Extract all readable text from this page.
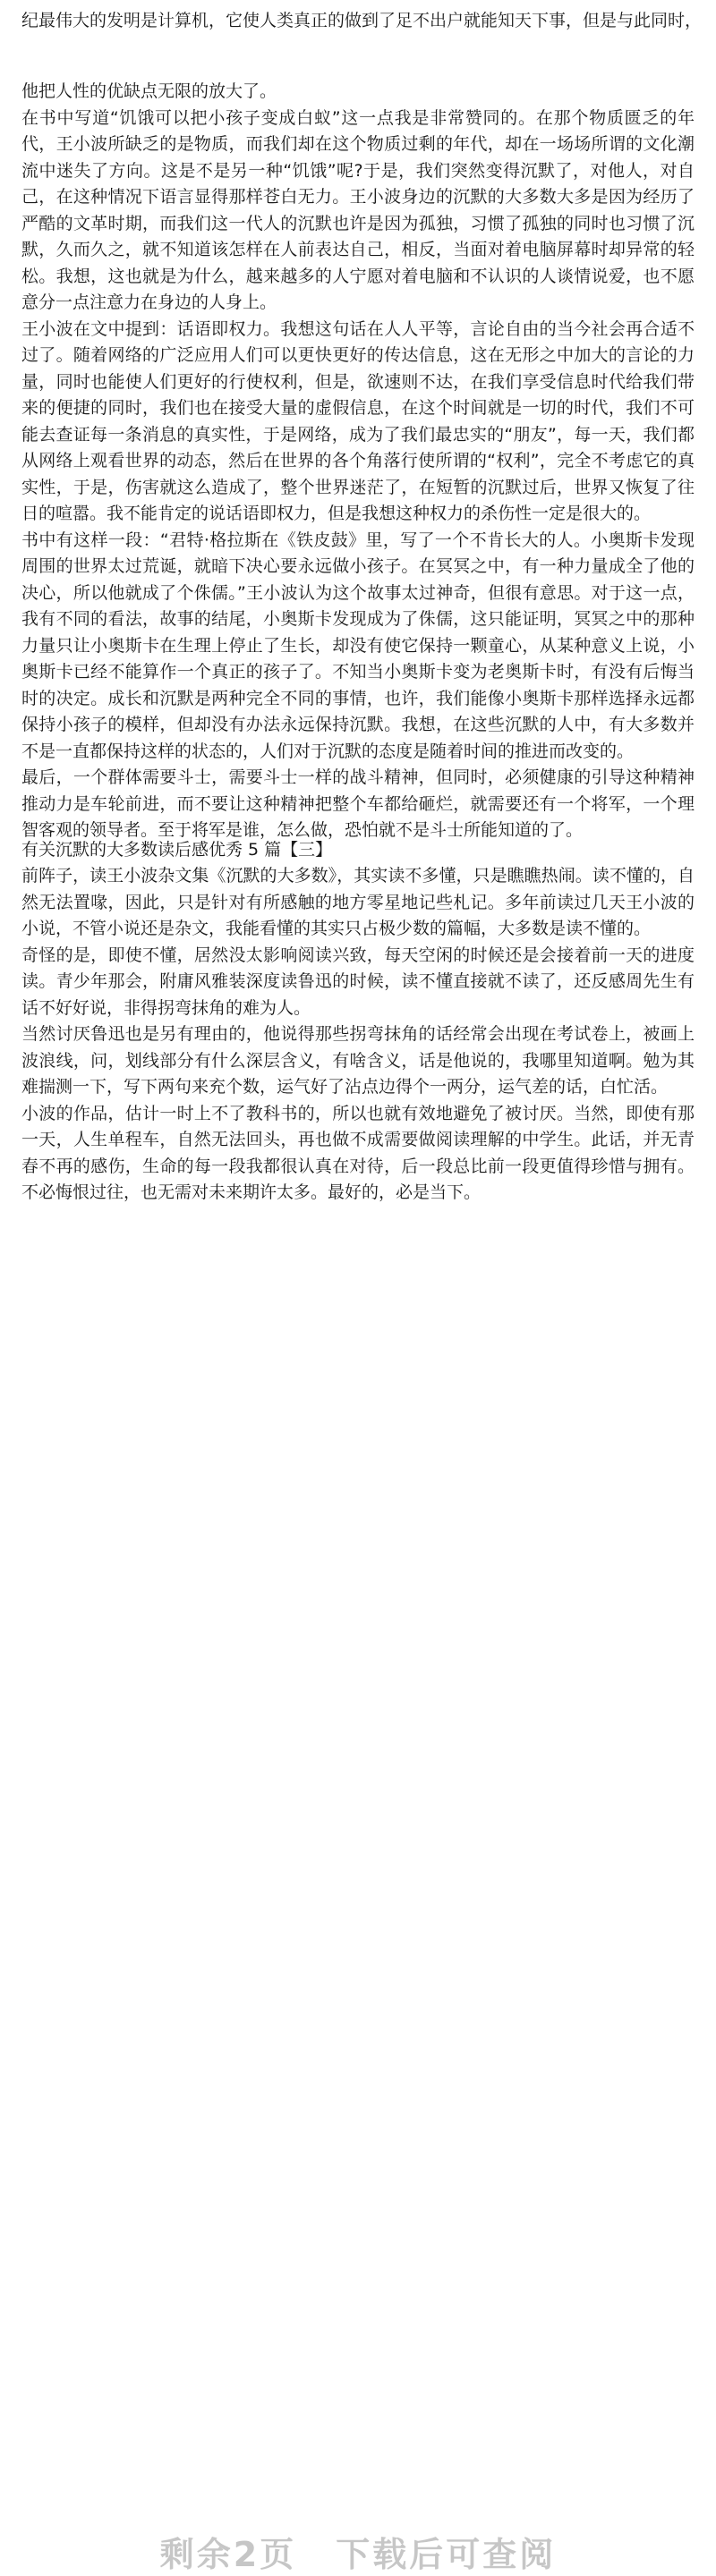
纪最伟大的发明是计算机，它使人类真正的做到了足不出户就能知天下事，但是与此同时，

他把人性的优缺点无限的放大了。

在书中写道“饥饿可以把小孩子变成白蚁”这一点我是非常赞同的。在那个物质匮乏的年代，王小波所缺乏的是物质，而我们却在这个物质过剩的年代，却在一场场所谓的文化潮流中迷失了方向。这是不是另一种“饥饿”呢?于是，我们突然变得沉默了，对他人，对自己，在这种情况下语言显得那样苍白无力。王小波身边的沉默的大多数大多是因为经历了严酷的文革时期，而我们这一代人的沉默也许是因为孤独，习惯了孤独的同时也习惯了沉默，久而久之，就不知道该怎样在人前表达自己，相反，当面对着电脑屏幕时却异常的轻松。我想，这也就是为什么，越来越多的人宁愿对着电脑和不认识的人谈情说爱，也不愿意分一点注意力在身边的人身上。

王小波在文中提到：话语即权力。我想这句话在人人平等，言论自由的当今社会再合适不过了。随着网络的广泛应用人们可以更快更好的传达信息，这在无形之中加大的言论的力量，同时也能使人们更好的行使权利，但是，欲速则不达，在我们享受信息时代给我们带来的便捷的同时，我们也在接受大量的虚假信息，在这个时间就是一切的时代，我们不可能去查证每一条消息的真实性，于是网络，成为了我们最忠实的“朋友”，每一天，我们都从网络上观看世界的动态，然后在世界的各个角落行使所谓的“权利”，完全不考虑它的真实性，于是，伤害就这么造成了，整个世界迷茫了，在短暂的沉默过后，世界又恢复了往日的喧嚣。我不能肯定的说话语即权力，但是我想这种权力的杀伤性一定是很大的。

书中有这样一段：“君特·格拉斯在《铁皮鼓》里，写了一个不肯长大的人。小奥斯卡发现周围的世界太过荒诞，就暗下决心要永远做小孩子。在冥冥之中，有一种力量成全了他的决心，所以他就成了个侏儒。”王小波认为这个故事太过神奇，但很有意思。对于这一点，我有不同的看法，故事的结尾，小奥斯卡发现成为了侏儒，这只能证明，冥冥之中的那种力量只让小奥斯卡在生理上停止了生长，却没有使它保持一颗童心，从某种意义上说，小奥斯卡已经不能算作一个真正的孩子了。不知当小奥斯卡变为老奥斯卡时，有没有后悔当时的决定。成长和沉默是两种完全不同的事情，也许，我们能像小奥斯卡那样选择永远都保持小孩子的模样，但却没有办法永远保持沉默。我想，在这些沉默的人中，有大多数并不是一直都保持这样的状态的，人们对于沉默的态度是随着时间的推进而改变的。

最后，一个群体需要斗士，需要斗士一样的战斗精神，但同时，必须健康的引导这种精神推动力是车轮前进，而不要让这种精神把整个车都给砸烂，就需要还有一个将军，一个理智客观的领导者。至于将军是谁，怎么做，恐怕就不是斗士所能知道的了。

有关沉默的大多数读后感优秀 5 篇【三】

前阵子，读王小波杂文集《沉默的大多数》，其实读不多懂，只是瞧瞧热闹。读不懂的，自然无法置喙，因此，只是针对有所感触的地方零星地记些札记。多年前读过几天王小波的小说，不管小说还是杂文，我能看懂的其实只占极少数的篇幅，大多数是读不懂的。

奇怪的是，即使不懂，居然没太影响阅读兴致，每天空闲的时候还是会接着前一天的进度读。青少年那会，附庸风雅装深度读鲁迅的时候，读不懂直接就不读了，还反感周先生有话不好好说，非得拐弯抹角的难为人。

当然讨厌鲁迅也是另有理由的，他说得那些拐弯抹角的话经常会出现在考试卷上，被画上波浪线，问，划线部分有什么深层含义，有啥含义，话是他说的，我哪里知道啊。勉为其难揣测一下，写下两句来充个数，运气好了沾点边得个一两分，运气差的话，白忙活。

小波的作品，估计一时上不了教科书的，所以也就有效地避免了被讨厌。当然，即使有那一天，人生单程车，自然无法回头，再也做不成需要做阅读理解的中学生。此话，并无青春不再的感伤，生命的每一段我都很认真在对待，后一段总比前一段更值得珍惜与拥有。不必悔恨过往，也无需对未来期许太多。最好的，必是当下。

剩余2页 下载后可查阅
